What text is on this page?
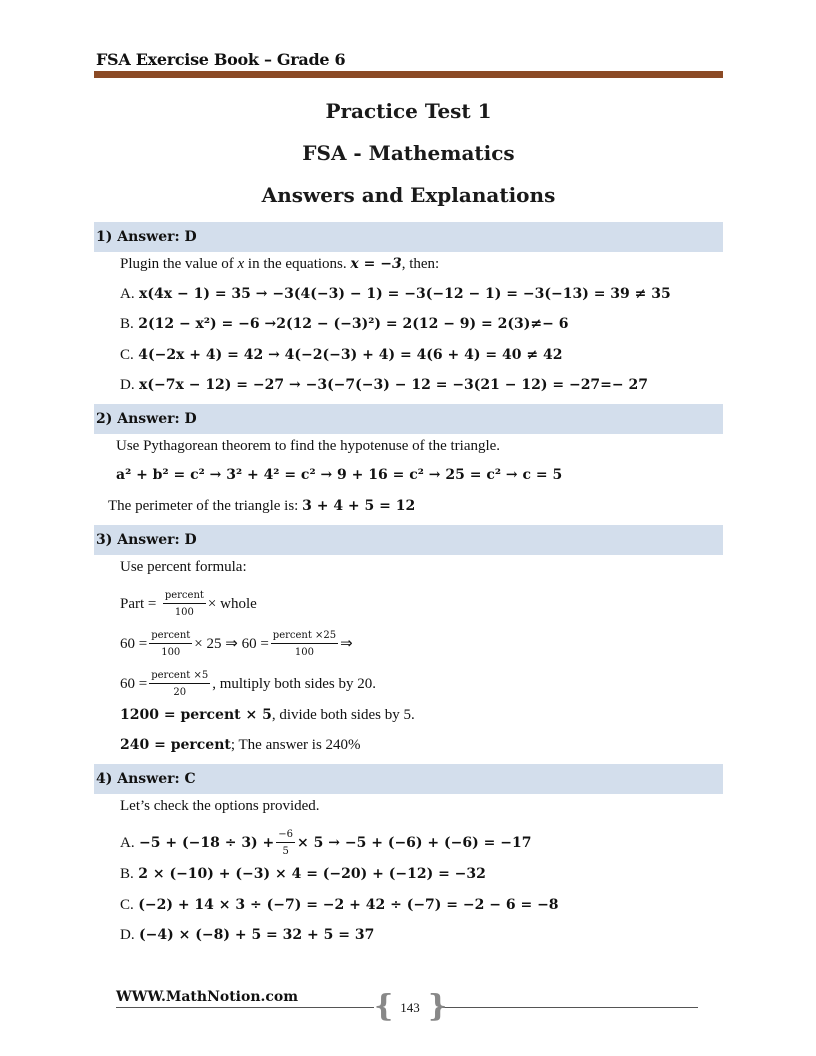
FSA Exercise Book – Grade 6
Practice Test 1
FSA - Mathematics
Answers and Explanations
1) Answer: D
Plugin the value of x in the equations. x = −3, then:
A. x(4x − 1) = 35 → −3(4(−3) − 1) = −3(−12 − 1) = −3(−13) = 39 ≠ 35
B. 2(12 − x²) = −6 →2(12 − (−3)²) = 2(12 − 9) = 2(3)≠− 6
C. 4(−2x + 4) = 42 → 4(−2(−3) + 4) = 4(6 + 4) = 40 ≠ 42
D. x(−7x − 12) = −27 → −3(−7(−3) − 12 = −3(21 − 12) = −27=− 27
2) Answer: D
Use Pythagorean theorem to find the hypotenuse of the triangle.
a² + b² = c² → 3² + 4² = c² → 9 + 16 = c² → 25 = c² → c = 5
The perimeter of the triangle is: 3 + 4 + 5 = 12
3) Answer: D
Use percent formula:
Part = $\frac{\text{percent}}{100}$ × whole
$60 = \frac{\text{percent}}{100} \times 25$ ⇒ $60 = \frac{\text{percent ×25}}{100}$ ⇒
$60 = \frac{\text{percent ×5}}{20}$ , multiply both sides by 20.
1200 = percent × 5, divide both sides by 5.
240 = percent; The answer is 240%
4) Answer: C
Let’s check the options provided.
A. $-5 + (-18 \div 3) + \frac{-6}{5} \times 5 \to -5 + (-6) + (-6) = -17$
B. 2 × (−10) + (−3) × 4 = (−20) + (−12) = −32
C. (−2) + 14 × 3 ÷ (−7) = −2 + 42 ÷ (−7) = −2 − 6 = −8
D. (−4) × (−8) + 5 = 32 + 5 = 37
WWW.MathNotion.com	{ }
143
